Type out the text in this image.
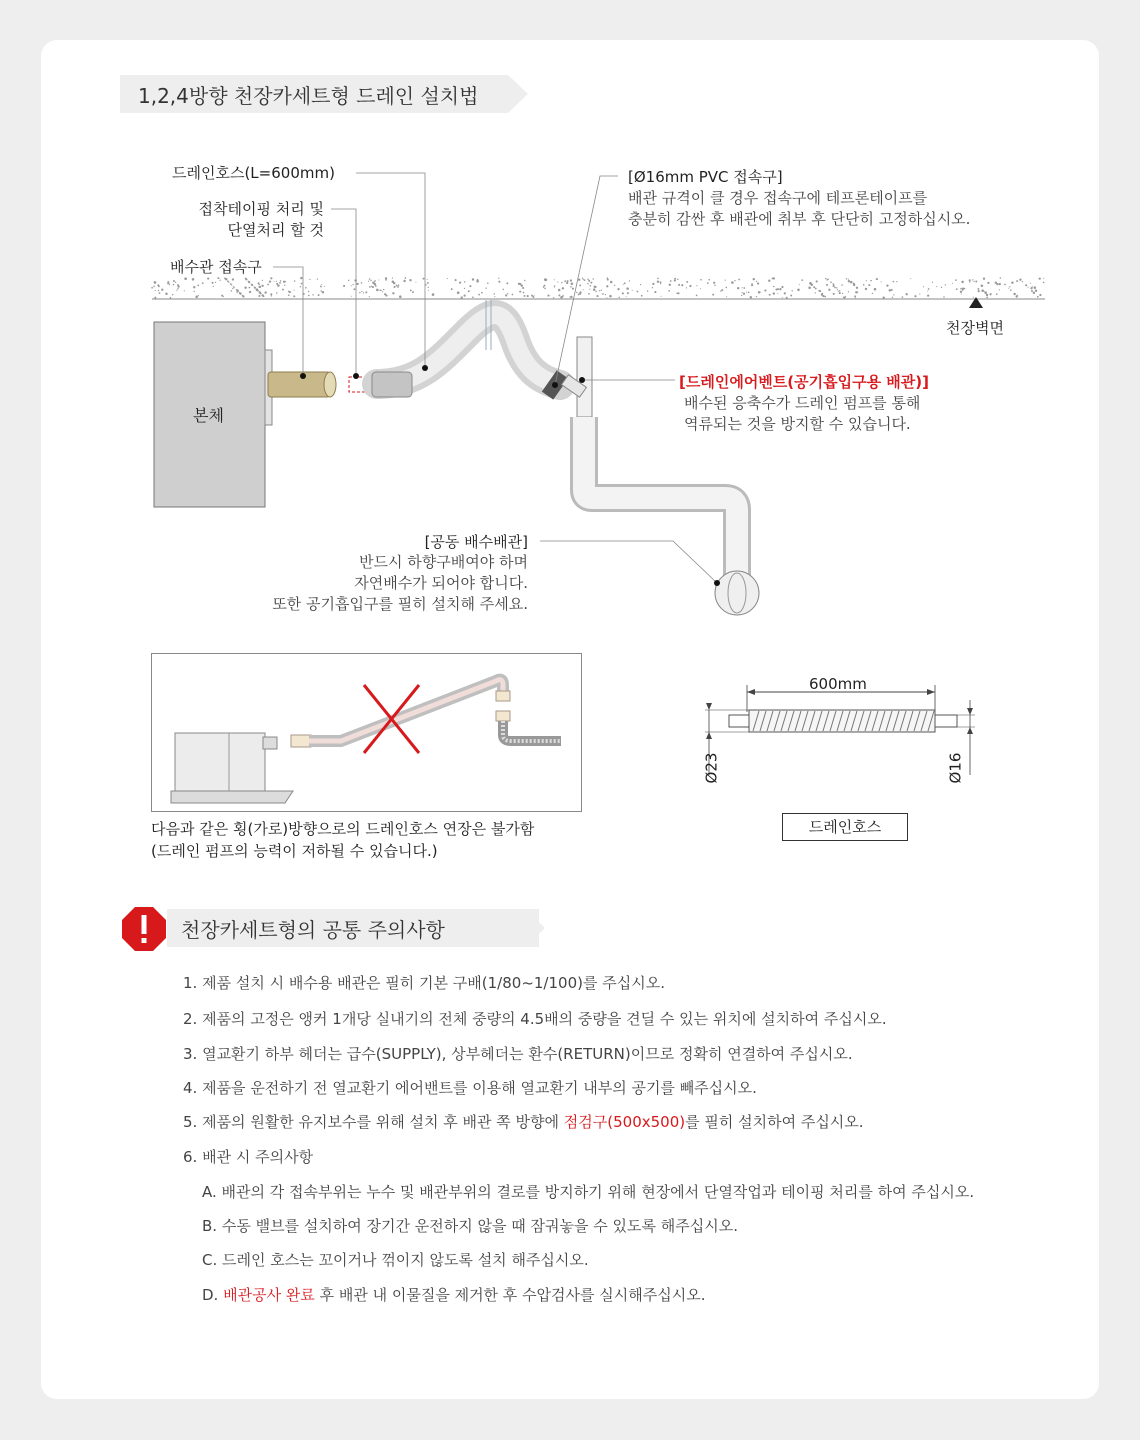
1,2,4방향 천장카세트형 드레인 설치법
드레인호스(L=600mm)
접착테이핑 처리 및
단열처리 할 것
배수관 접속구
본체
천장벽면
[Ø16mm PVC 접속구]
배관 규격이 클 경우 접속구에 테프론테이프를
충분히 감싼 후 배관에 취부 후 단단히 고정하십시오.
[드레인에어벤트(공기흡입구용 배관)]
배수된 응축수가 드레인 펌프를 통해
역류되는 것을 방지할 수 있습니다.
[공동 배수배관]
반드시 하향구배여야 하며
자연배수가 되어야 합니다.
또한 공기흡입구를 필히 설치해 주세요.
다음과 같은 횡(가로)방향으로의 드레인호스 연장은 불가함
(드레인 펌프의 능력이 저하될 수 있습니다.)
600mm
Ø23	Ø16
드레인호스
천장카세트형의 공통 주의사항
1. 제품 설치 시 배수용 배관은 필히 기본 구배(1/80~1/100)를 주십시오.
2. 제품의 고정은 앵커 1개당 실내기의 전체 중량의 4.5배의 중량을 견딜 수 있는 위치에 설치하여 주십시오.
3. 열교환기 하부 헤더는 급수(SUPPLY), 상부헤더는 환수(RETURN)이므로 정확히 연결하여 주십시오.
4. 제품을 운전하기 전 열교환기 에어밴트를 이용해 열교환기 내부의 공기를 빼주십시오.
5. 제품의 원활한 유지보수를 위해 설치 후 배관 쪽 방향에 점검구(500x500)를 필히 설치하여 주십시오.
6. 배관 시 주의사항
A. 배관의 각 접속부위는 누수 및 배관부위의 결로를 방지하기 위해 현장에서 단열작업과 테이핑 처리를 하여 주십시오.
B. 수동 밸브를 설치하여 장기간 운전하지 않을 때 잠궈놓을 수 있도록 해주십시오.
C. 드레인 호스는 꼬이거나 꺾이지 않도록 설치 해주십시오.
D. 배관공사 완료 후 배관 내 이물질을 제거한 후 수압검사를 실시해주십시오.
